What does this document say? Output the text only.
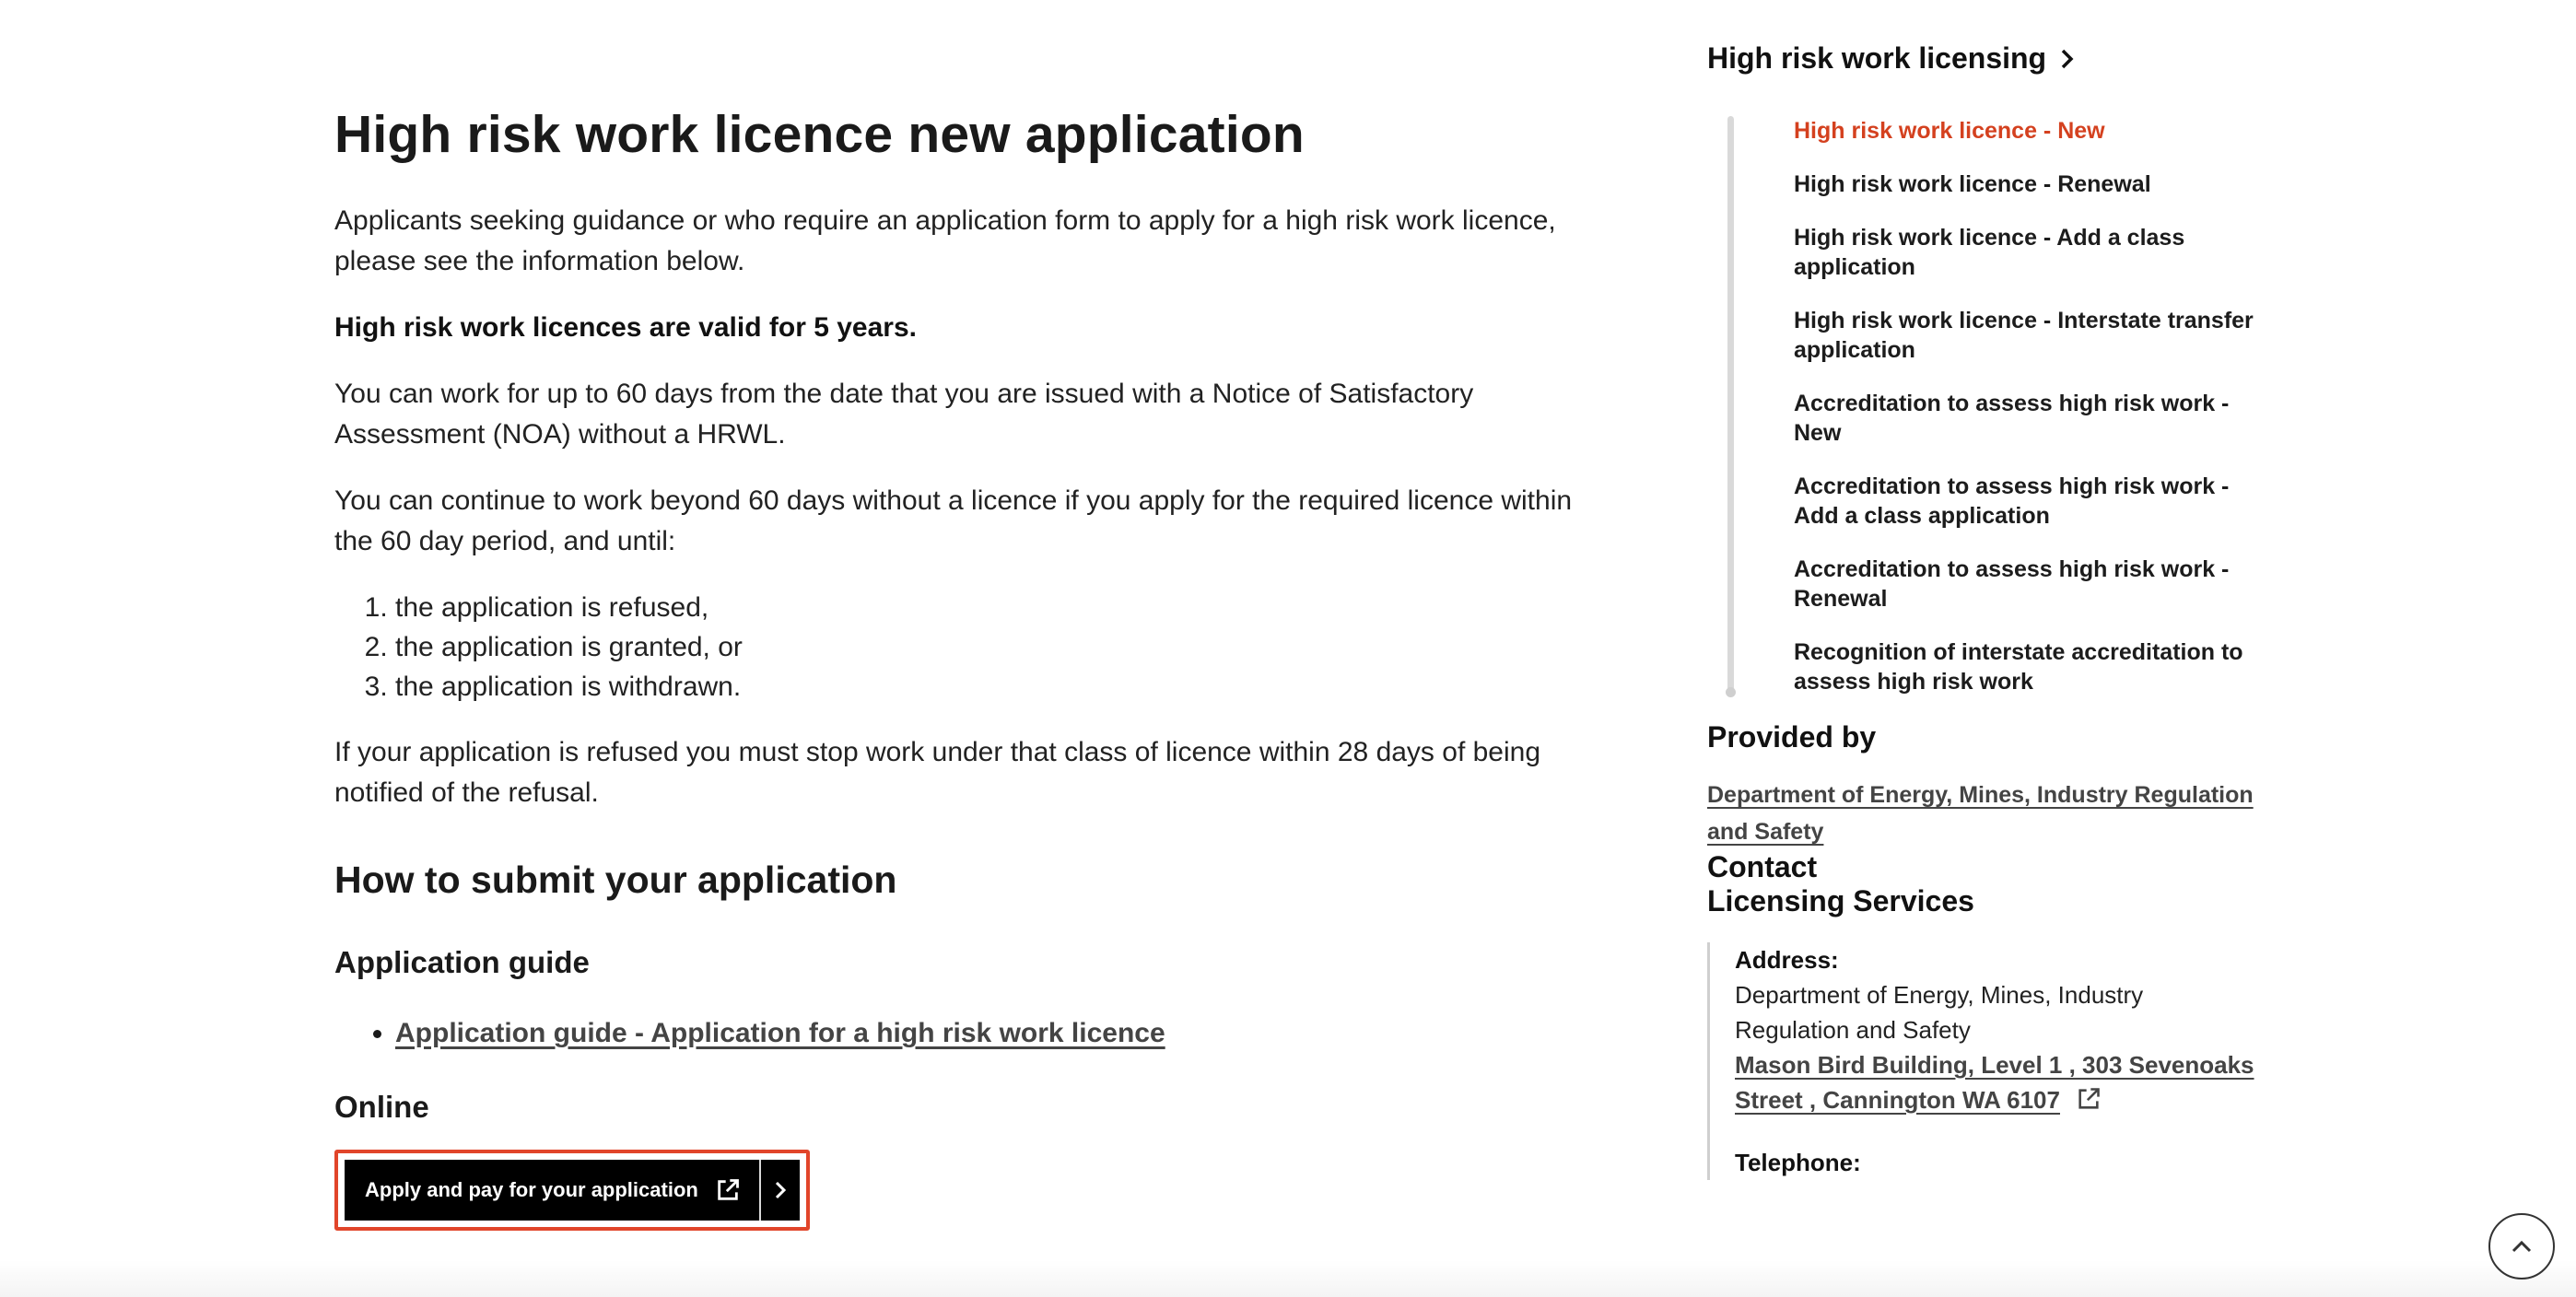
High risk work licence new application

Applicants seeking guidance or who require an application form to apply for a high risk work licence, please see the information below.

High risk work licences are valid for 5 years.

You can work for up to 60 days from the date that you are issued with a Notice of Satisfactory Assessment (NOA) without a HRWL.

You can continue to work beyond 60 days without a licence if you apply for the required licence within the 60 day period, and until:

1. the application is refused,
2. the application is granted, or
3. the application is withdrawn.

If your application is refused you must stop work under that class of licence within 28 days of being notified of the refusal.

How to submit your application
Application guide
• Application guide - Application for a high risk work licence
Online
Apply and pay for your application
High risk work licensing
High risk work licence - New
High risk work licence - Renewal
High risk work licence - Add a class application
High risk work licence - Interstate transfer application
Accreditation to assess high risk work - New
Accreditation to assess high risk work - Add a class application
Accreditation to assess high risk work - Renewal
Recognition of interstate accreditation to assess high risk work
Provided by
Department of Energy, Mines, Industry Regulation and Safety
Contact
Licensing Services
Address:
Department of Energy, Mines, Industry Regulation and Safety
Mason Bird Building, Level 1 , 303 Sevenoaks Street , Cannington WA 6107
Telephone:
